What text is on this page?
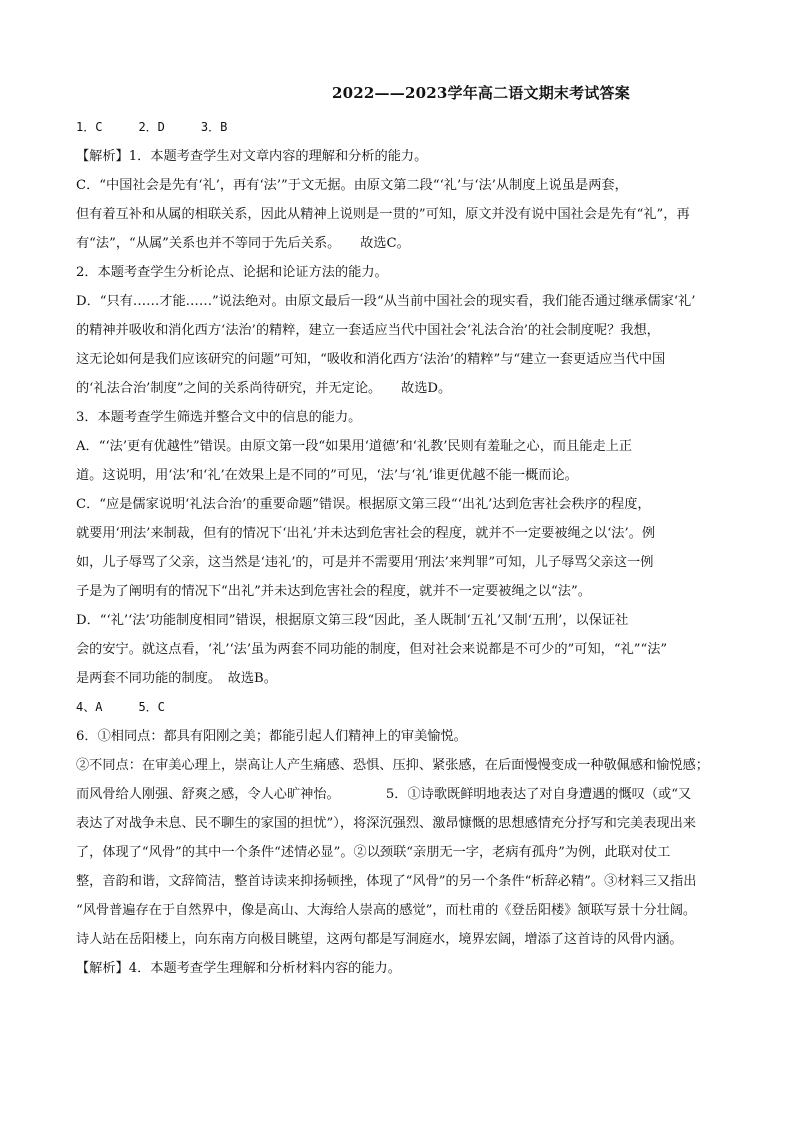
2022——2023学年高二语文期末考试答案
1．C　　　2．D　　　3．B
【解析】1．本题考查学生对文章内容的理解和分析的能力。
C．“中国社会是先有‘礼’，再有‘法’”于文无据。由原文第二段“‘礼’与‘法’从制度上说虽是两套，
但有着互补和从属的相联关系，因此从精神上说则是一贯的”可知，原文并没有说中国社会是先有“礼”，再
有“法”，“从属”关系也并不等同于先后关系。　　故选C。
2．本题考查学生分析论点、论据和论证方法的能力。
D．“只有……才能……”说法绝对。由原文最后一段“从当前中国社会的现实看，我们能否通过继承儒家‘礼’
的精神并吸收和消化西方‘法治’的精粹，建立一套适应当代中国社会‘礼法合治’的社会制度呢？我想，
这无论如何是我们应该研究的问题”可知，“吸收和消化西方‘法治’的精粹”与“建立一套更适应当代中国
的‘礼法合治’制度”之间的关系尚待研究，并无定论。　　故选D。
3．本题考查学生筛选并整合文中的信息的能力。
A．“‘法’更有优越性”错误。由原文第一段“如果用‘道德’和‘礼教’民则有羞耻之心，而且能走上正
道。这说明，用‘法’和‘礼’在效果上是不同的”可见，‘法’与‘礼’谁更优越不能一概而论。
C．“应是儒家说明‘礼法合治’的重要命题”错误。根据原文第三段“‘出礼’达到危害社会秩序的程度，
就要用‘刑法’来制裁，但有的情况下‘出礼’并未达到危害社会的程度，就并不一定要被绳之以‘法’。例
如，儿子辱骂了父亲，这当然是‘违礼’的，可是并不需要用‘刑法’来判罪”可知，儿子辱骂父亲这一例
子是为了阐明有的情况下“出礼”并未达到危害社会的程度，就并不一定要被绳之以“法”。
D．“‘礼’‘法’功能制度相同”错误，根据原文第三段“因此，圣人既制‘五礼’又制‘五刑’，以保证社
会的安宁。就这点看，‘礼’‘法’虽为两套不同功能的制度，但对社会来说都是不可少的”可知，“礼”“法”
是两套不同功能的制度。　故选B。
4、A　　　5．C
6．①相同点：都具有阳刚之美；都能引起人们精神上的审美愉悦。
②不同点：在审美心理上，崇高让人产生痛感、恐惧、压抑、紧张感，在后面慢慢变成一种敬佩感和愉悦感；
而风骨给人刚强、舒爽之感，令人心旷神怡。　　　　5．①诗歌既鲜明地表达了对自身遭遇的慨叹（或“又
表达了对战争未息、民不聊生的家国的担忧”），将深沉强烈、激昂慷慨的思想感情充分抒写和完美表现出来
了，体现了“风骨”的其中一个条件“述情必显”。②以颈联“亲朋无一字，老病有孤舟”为例，此联对仗工
整，音韵和谐，文辞简洁，整首诗读来抑扬顿挫，体现了“风骨”的另一个条件“析辞必精”。③材料三又指出
“风骨普遍存在于自然界中，像是高山、大海给人崇高的感觉”，而杜甫的《登岳阳楼》颔联写景十分壮阔。
诗人站在岳阳楼上，向东南方向极目眺望，这两句都是写洞庭水，境界宏阔，增添了这首诗的风骨内涵。
【解析】4．本题考查学生理解和分析材料内容的能力。
